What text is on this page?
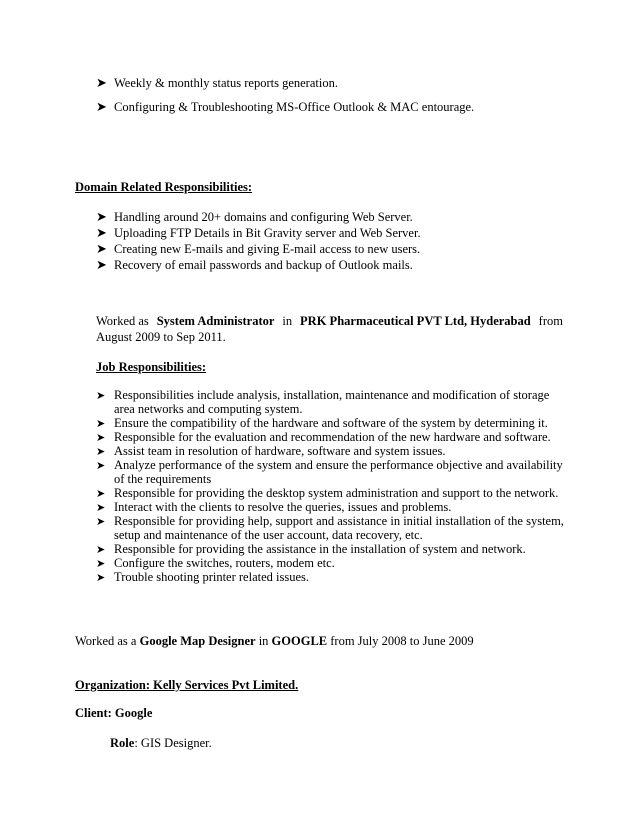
➤ Weekly & monthly status reports generation.
➤ Configuring & Troubleshooting MS-Office Outlook & MAC entourage.
Domain Related Responsibilities:
➤ Handling around 20+ domains and configuring Web Server.
➤ Uploading FTP Details in Bit Gravity server and Web Server.
➤ Creating new E-mails and giving E-mail access to new users.
➤ Recovery of email passwords and backup of Outlook mails.
Worked as System Administrator in PRK Pharmaceutical PVT Ltd, Hyderabad from
August 2009 to Sep 2011.
Job Responsibilities:
➤ Responsibilities include analysis, installation, maintenance and modification of storage
area networks and computing system.
➤ Ensure the compatibility of the hardware and software of the system by determining it.
➤ Responsible for the evaluation and recommendation of the new hardware and software.
➤ Assist team in resolution of hardware, software and system issues.
➤ Analyze performance of the system and ensure the performance objective and availability
of the requirements
➤ Responsible for providing the desktop system administration and support to the network.
➤ Interact with the clients to resolve the queries, issues and problems.
➤ Responsible for providing help, support and assistance in initial installation of the system,
setup and maintenance of the user account, data recovery, etc.
➤ Responsible for providing the assistance in the installation of system and network.
➤ Configure the switches, routers, modem etc.
➤ Trouble shooting printer related issues.
Worked as a Google Map Designer in GOOGLE from July 2008 to June 2009
Organization: Kelly Services Pvt Limited.
Client: Google
Role: GIS Designer.
